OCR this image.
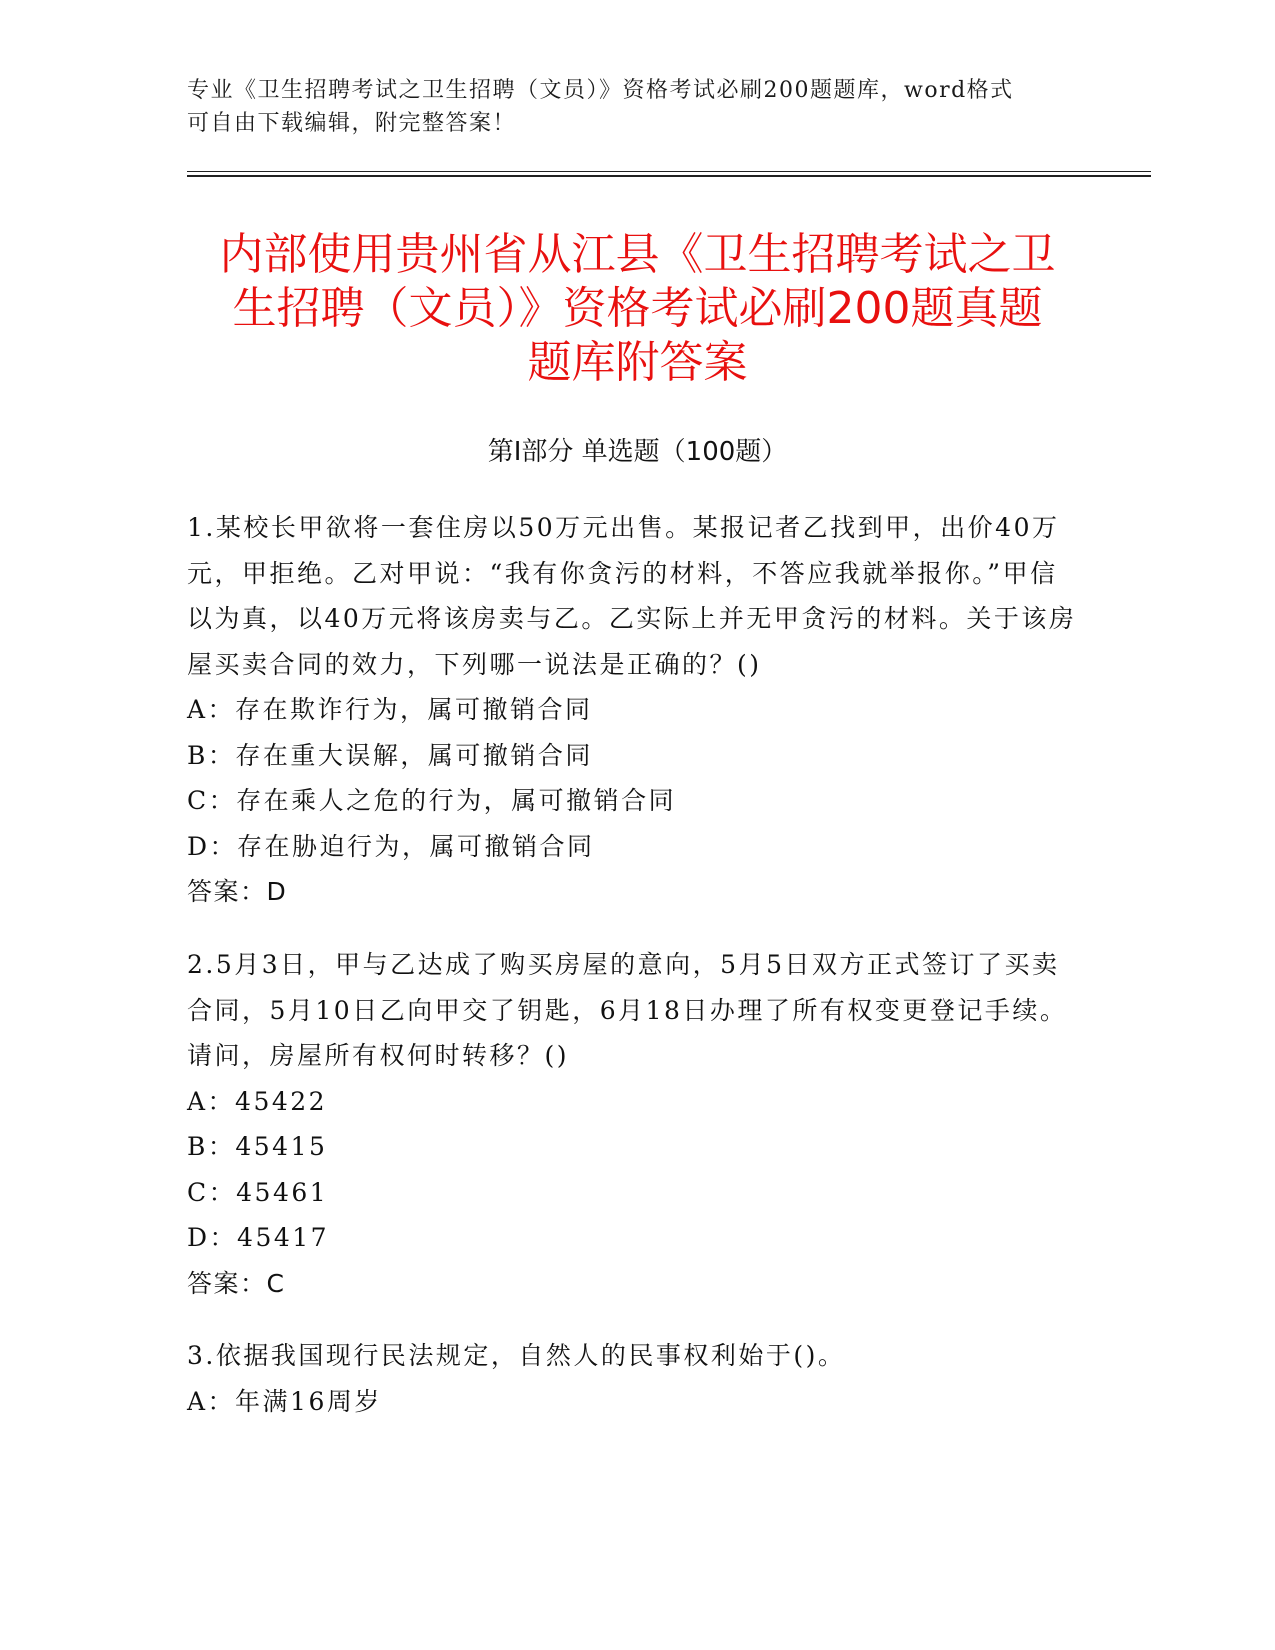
专业《卫生招聘考试之卫生招聘（文员）》资格考试必刷200题题库，word格式
可自由下载编辑，附完整答案！
内部使用贵州省从江县《卫生招聘考试之卫
生招聘（文员）》资格考试必刷200题真题
题库附答案
第Ⅰ部分 单选题（100题）
1.某校长甲欲将一套住房以50万元出售。某报记者乙找到甲，出价40万元，甲拒绝。乙对甲说：“我有你贪污的材料，不答应我就举报你。”甲信以为真，以40万元将该房卖与乙。乙实际上并无甲贪污的材料。关于该房屋买卖合同的效力，下列哪一说法是正确的？()
A：存在欺诈行为，属可撤销合同
B：存在重大误解，属可撤销合同
C：存在乘人之危的行为，属可撤销合同
D：存在胁迫行为，属可撤销合同
答案：D
2.5月3日，甲与乙达成了购买房屋的意向，5月5日双方正式签订了买卖合同，5月10日乙向甲交了钥匙，6月18日办理了所有权变更登记手续。请问，房屋所有权何时转移？()
A：45422
B：45415
C：45461
D：45417
答案：C
3.依据我国现行民法规定，自然人的民事权利始于()。
A：年满16周岁
